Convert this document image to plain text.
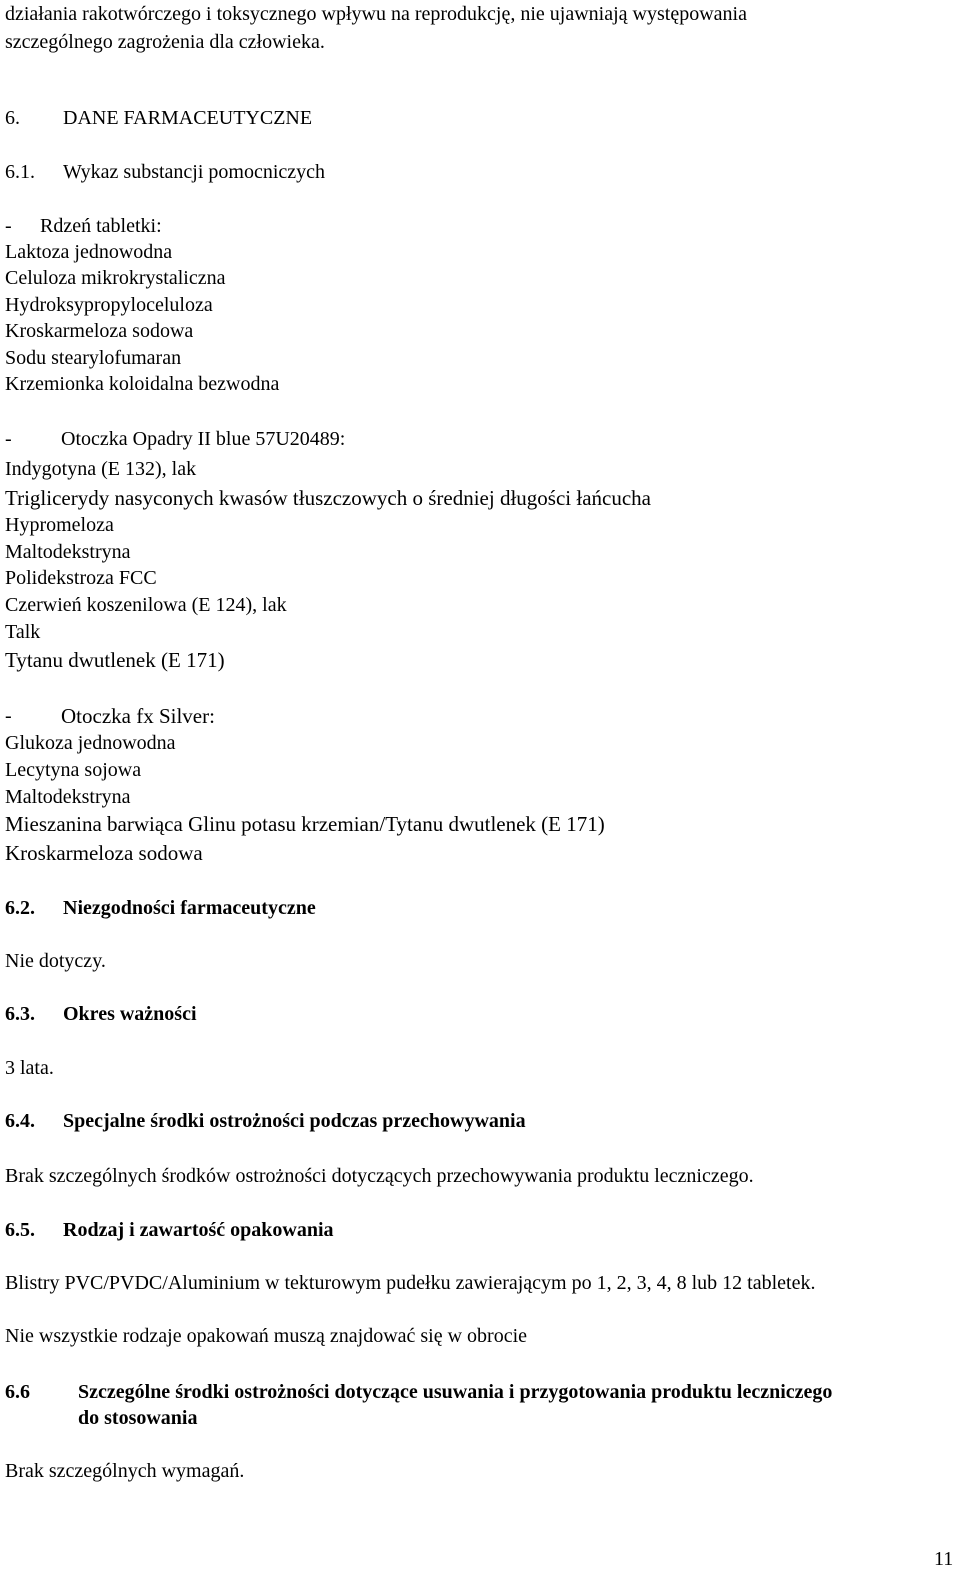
działania rakotwórczego i toksycznego wpływu na reprodukcję, nie ujawniają występowania
szczególnego zagrożenia dla człowieka.
6. DANE FARMACEUTYCZNE
6.1. Wykaz substancji pomocniczych
- Rdzeń tabletki:
Laktoza jednowodna
Celuloza mikrokrystaliczna
Hydroksypropyloceluloza
Kroskarmeloza sodowa
Sodu stearylofumaran
Krzemionka koloidalna bezwodna
- Otoczka Opadry II blue 57U20489:
Indygotyna (E 132), lak
Triglicerydy nasyconych kwasów tłuszczowych o średniej długości łańcucha
Hypromeloza
Maltodekstryna
Polidekstroza FCC
Czerwień koszenilowa (E 124), lak
Talk
Tytanu dwutlenek (E 171)
- Otoczka fx Silver:
Glukoza jednowodna
Lecytyna sojowa
Maltodekstryna
Mieszanina barwiąca Glinu potasu krzemian/Tytanu dwutlenek (E 171)
Kroskarmeloza sodowa
6.2. Niezgodności farmaceutyczne
Nie dotyczy.
6.3. Okres ważności
3 lata.
6.4. Specjalne środki ostrożności podczas przechowywania
Brak szczególnych środków ostrożności dotyczących przechowywania produktu leczniczego.
6.5. Rodzaj i zawartość opakowania
Blistry PVC/PVDC/Aluminium w tekturowym pudełku zawierającym po 1, 2, 3, 4, 8 lub 12 tabletek.
Nie wszystkie rodzaje opakowań muszą znajdować się w obrocie
6.6 Szczególne środki ostrożności dotyczące usuwania i przygotowania produktu leczniczego
do stosowania
Brak szczególnych wymagań.
11
